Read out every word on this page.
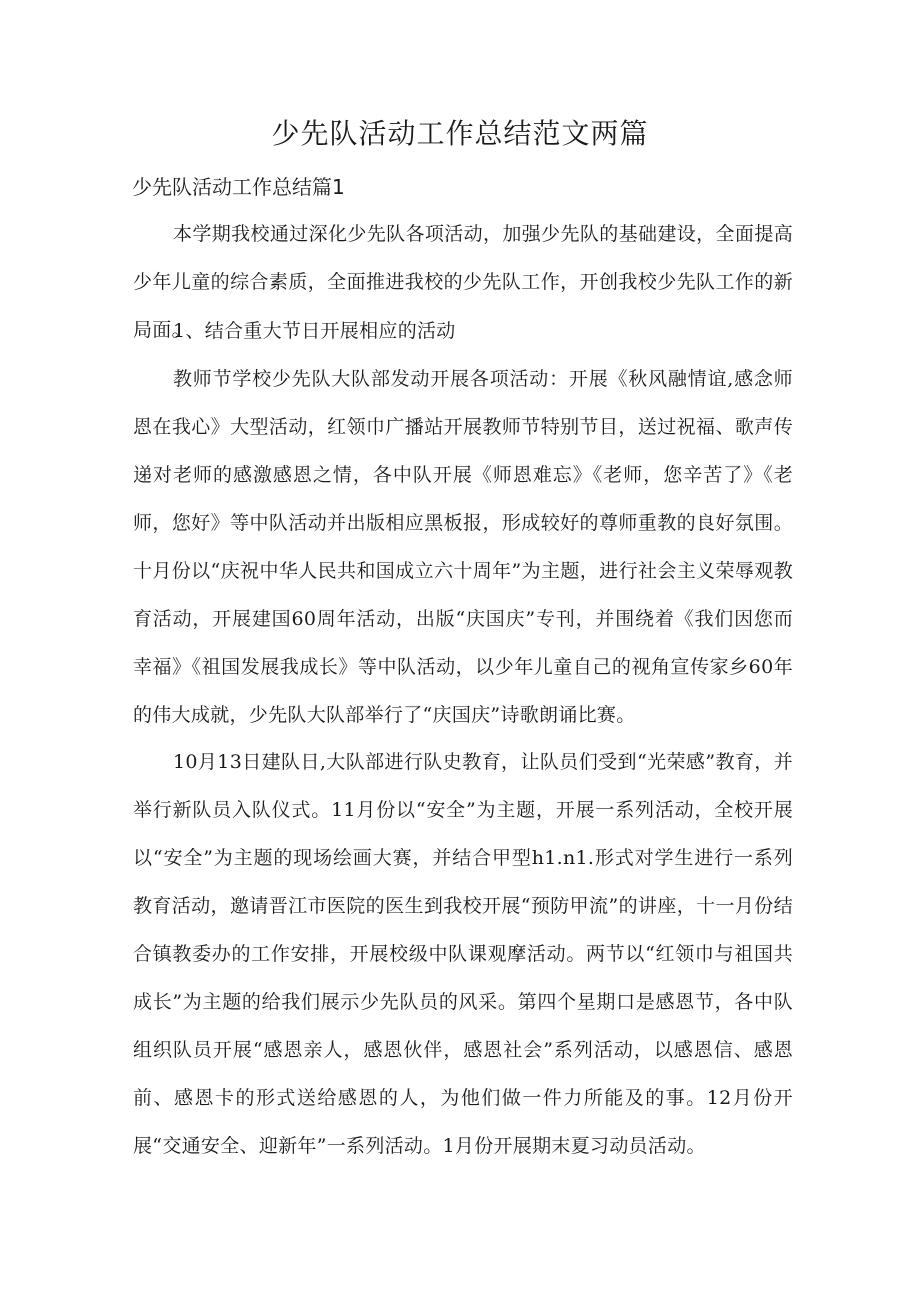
少先队活动工作总结范文两篇
少先队活动工作总结篇1

本学期我校通过深化少先队各项活动，加强少先队的基础建设，全面提高少年儿童的综合素质，全面推进我校的少先队工作，开创我校少先队工作的新局面。

1、结合重大节日开展相应的活动

教师节学校少先队大队部发动开展各项活动：开展《秋风融情谊,感念师恩在我心》大型活动，红领巾广播站开展教师节特别节目，送过祝福、歌声传递对老师的感激感恩之情，各中队开展《师恩难忘》《老师，您辛苦了》《老师，您好》等中队活动并出版相应黑板报，形成较好的尊师重教的良好氛围。十月份以“庆祝中华人民共和国成立六十周年”为主题，进行社会主义荣辱观教育活动，开展建国60周年活动，出版“庆国庆”专刊，并围绕着《我们因您而幸福》《祖国发展我成长》等中队活动，以少年儿童自己的视角宣传家乡60年的伟大成就，少先队大队部举行了“庆国庆”诗歌朗诵比赛。

10月13日建队日,大队部进行队史教育，让队员们受到“光荣感”教育，并举行新队员入队仪式。11月份以“安全”为主题，开展一系列活动，全校开展以“安全”为主题的现场绘画大赛，并结合甲型h1.n1.形式对学生进行一系列教育活动，邀请晋江市医院的医生到我校开展“预防甲流”的讲座，十一月份结合镇教委办的工作安排，开展校级中队课观摩活动。两节以“红领巾与祖国共成长”为主题的给我们展示少先队员的风采。第四个星期口是感恩节，各中队组织队员开展“感恩亲人，感恩伙伴，感恩社会”系列活动，以感恩信、感恩前、感恩卡的形式送给感恩的人，为他们做一件力所能及的事。12月份开展“交通安全、迎新年”一系列活动。1月份开展期末夏习动员活动。
